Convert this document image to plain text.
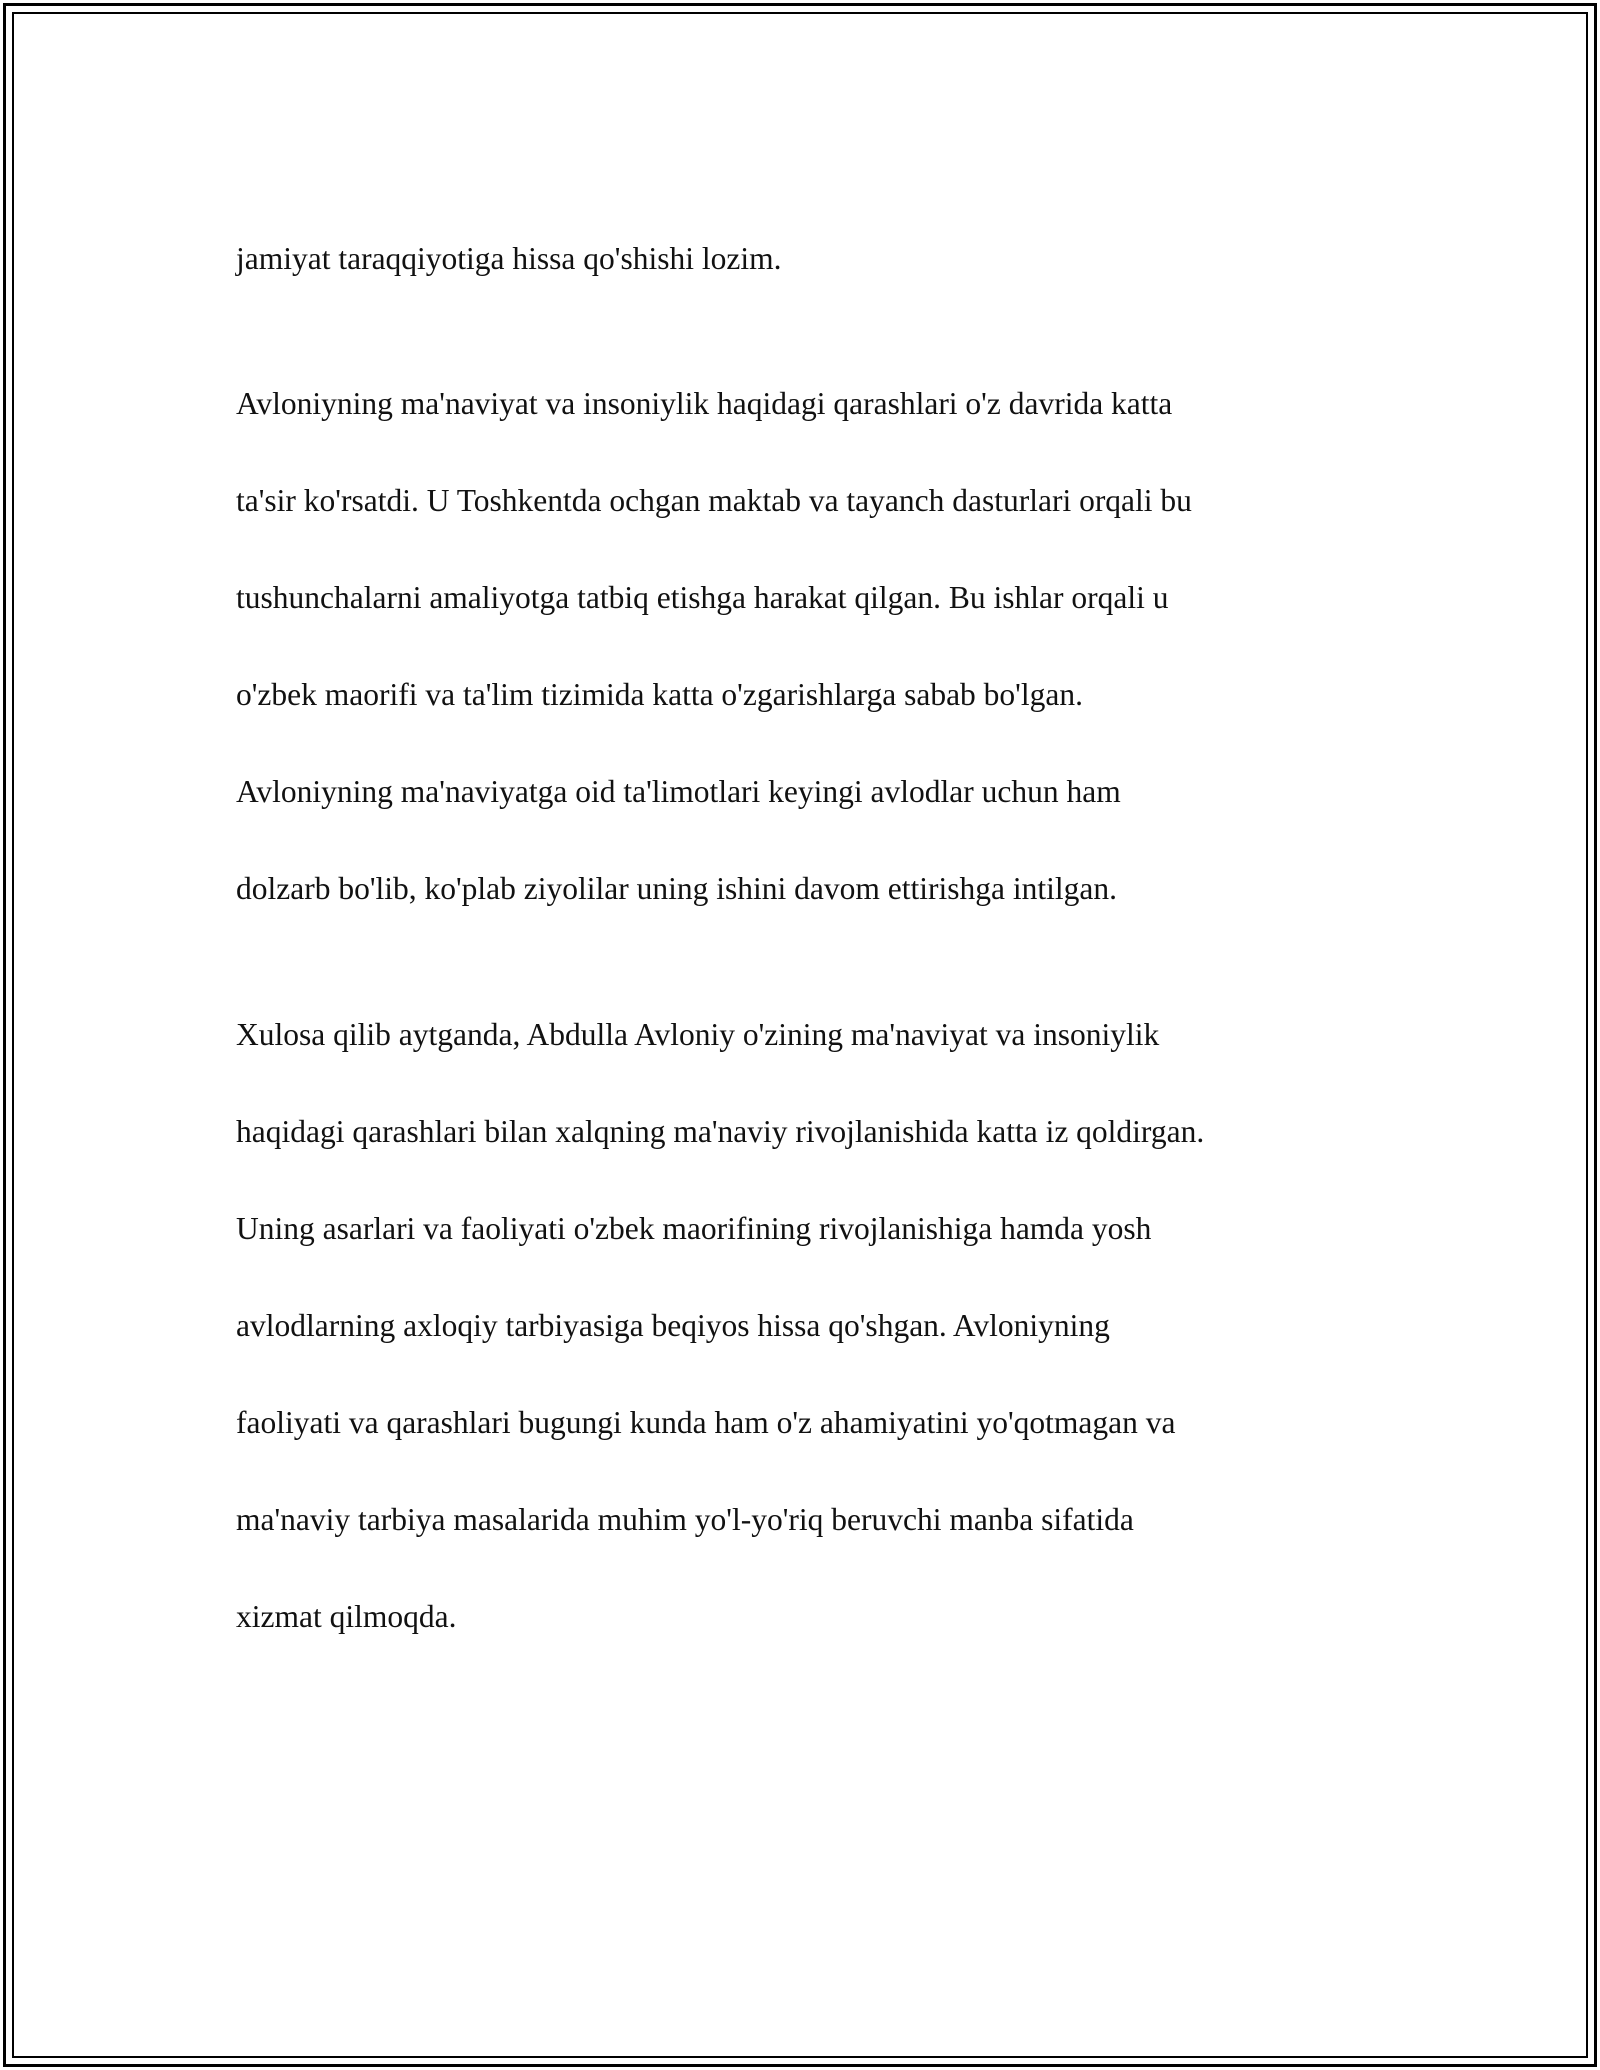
jamiyat taraqqiyotiga hissa qo'shishi lozim.

Avloniyning ma'naviyat va insoniylik haqidagi qarashlari o'z davrida katta

ta'sir ko'rsatdi. U Toshkentda ochgan maktab va tayanch dasturlari orqali bu

tushunchalarni amaliyotga tatbiq etishga harakat qilgan. Bu ishlar orqali u

o'zbek maorifi va ta'lim tizimida katta o'zgarishlarga sabab bo'lgan.

Avloniyning ma'naviyatga oid ta'limotlari keyingi avlodlar uchun ham

dolzarb bo'lib, ko'plab ziyolilar uning ishini davom ettirishga intilgan.

Xulosa qilib aytganda, Abdulla Avloniy o'zining ma'naviyat va insoniylik

haqidagi qarashlari bilan xalqning ma'naviy rivojlanishida katta iz qoldirgan.

Uning asarlari va faoliyati o'zbek maorifining rivojlanishiga hamda yosh

avlodlarning axloqiy tarbiyasiga beqiyos hissa qo'shgan. Avloniyning

faoliyati va qarashlari bugungi kunda ham o'z ahamiyatini yo'qotmagan va

ma'naviy tarbiya masalarida muhim yo'l-yo'riq beruvchi manba sifatida

xizmat qilmoqda.
